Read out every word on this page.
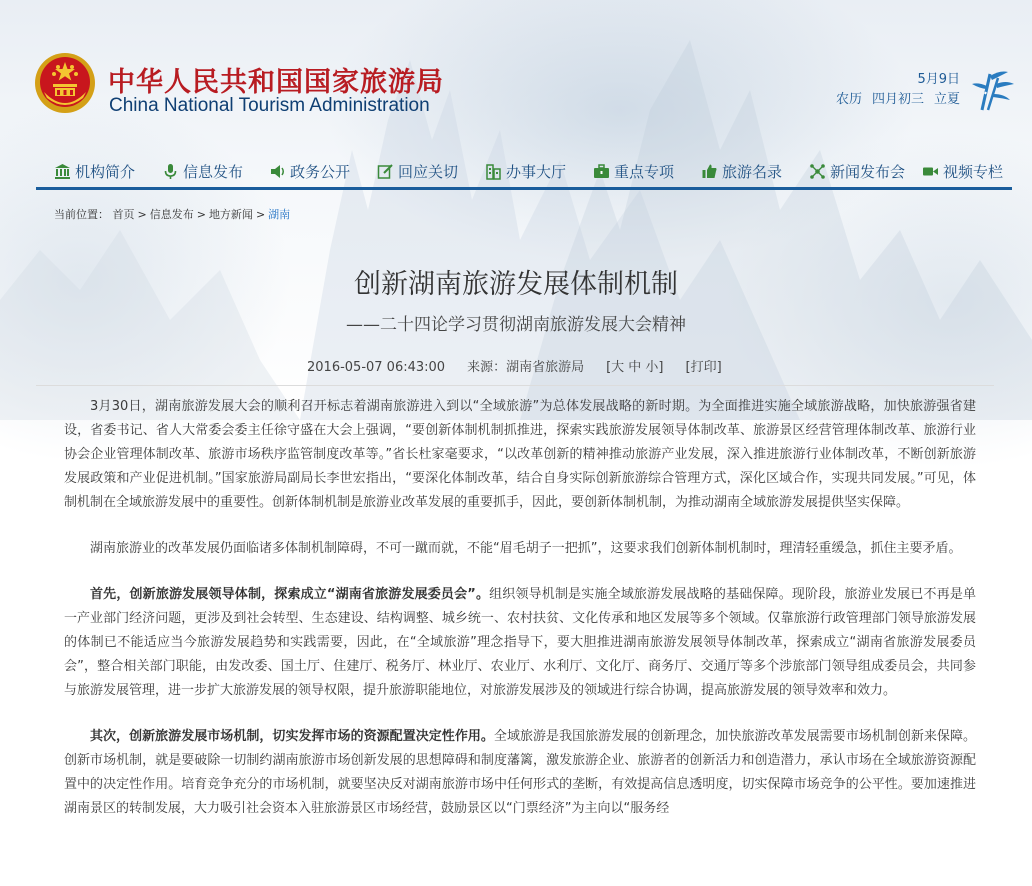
中华人民共和国国家旅游局
China National Tourism Administration
5月9日
农历 四月初三 立夏
机构简介	信息发布	政务公开	回应关切	办事大厅	重点专项	旅游名录	新闻发布会	视频专栏
当前位置： 首页 > 信息发布 > 地方新闻 > 湖南
创新湖南旅游发展体制机制
——二十四论学习贯彻湖南旅游发展大会精神
2016-05-07 06:43:00 来源：湖南省旅游局 [大 中 小] [打印]

3月30日，湖南旅游发展大会的顺利召开标志着湖南旅游进入到以“全域旅游”为总体发展战略的新时期。为全面推进实施全域旅游战略，加快旅游强省建设，省委书记、省人大常委会委主任徐守盛在大会上强调，“要创新体制机制抓推进，探索实践旅游发展领导体制改革、旅游景区经营管理体制改革、旅游行业协会企业管理体制改革、旅游市场秩序监管制度改革等。”省长杜家毫要求，“以改革创新的精神推动旅游产业发展，深入推进旅游行业体制改革，不断创新旅游发展政策和产业促进机制。”国家旅游局副局长李世宏指出，“要深化体制改革，结合自身实际创新旅游综合管理方式，深化区域合作，实现共同发展。”可见，体制机制在全域旅游发展中的重要性。创新体制机制是旅游业改革发展的重要抓手，因此，要创新体制机制，为推动湖南全域旅游发展提供坚实保障。

湖南旅游业的改革发展仍面临诸多体制机制障碍，不可一蹴而就，不能“眉毛胡子一把抓”，这要求我们创新体制机制时，理清轻重缓急，抓住主要矛盾。

首先，创新旅游发展领导体制，探索成立“湖南省旅游发展委员会”。组织领导机制是实施全域旅游发展战略的基础保障。现阶段，旅游业发展已不再是单一产业部门经济问题，更涉及到社会转型、生态建设、结构调整、城乡统一、农村扶贫、文化传承和地区发展等多个领域。仅靠旅游行政管理部门领导旅游发展的体制已不能适应当今旅游发展趋势和实践需要，因此，在“全域旅游”理念指导下，要大胆推进湖南旅游发展领导体制改革，探索成立“湖南省旅游发展委员会”，整合相关部门职能，由发改委、国土厅、住建厅、税务厅、林业厅、农业厅、水利厅、文化厅、商务厅、交通厅等多个涉旅部门领导组成委员会，共同参与旅游发展管理，进一步扩大旅游发展的领导权限，提升旅游职能地位，对旅游发展涉及的领域进行综合协调，提高旅游发展的领导效率和效力。

其次，创新旅游发展市场机制，切实发挥市场的资源配置决定性作用。全域旅游是我国旅游发展的创新理念，加快旅游改革发展需要市场机制创新来保障。创新市场机制，就是要破除一切制约湖南旅游市场创新发展的思想障碍和制度藩篱，激发旅游企业、旅游者的创新活力和创造潜力，承认市场在全域旅游资源配置中的决定性作用。培育竞争充分的市场机制，就要坚决反对湖南旅游市场中任何形式的垄断，有效提高信息透明度，切实保障市场竞争的公平性。要加速推进湖南景区的转制发展，大力吸引社会资本入驻旅游景区市场经营，鼓励景区以“门票经济”为主向以“服务经
